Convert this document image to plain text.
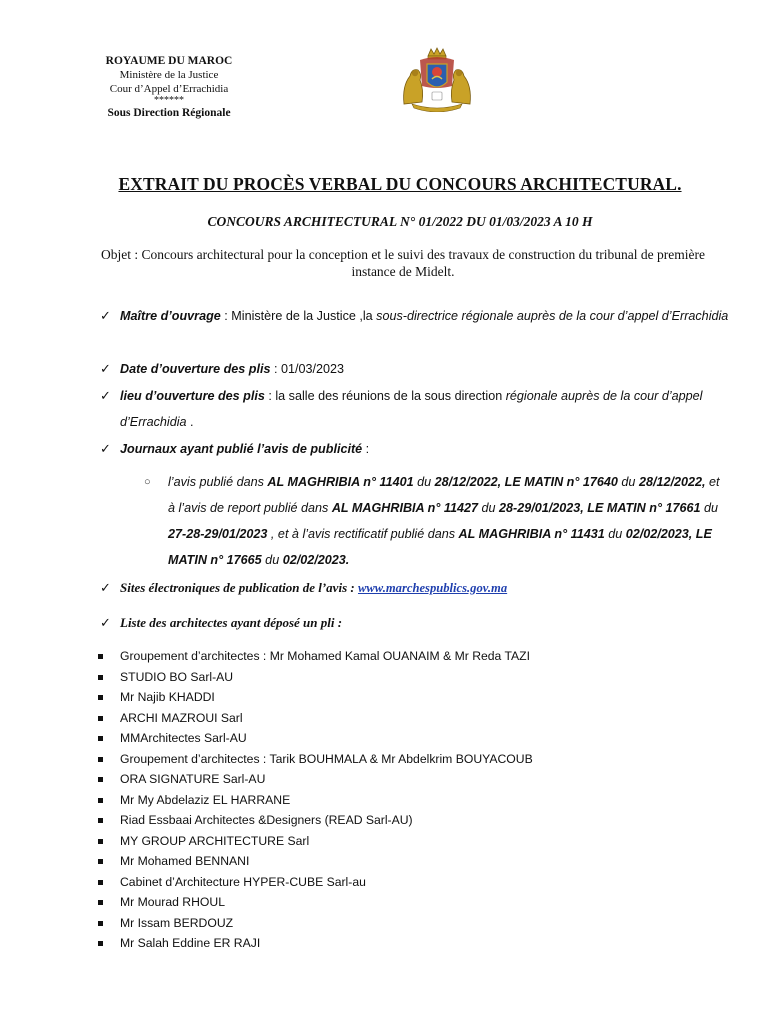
ROYAUME DU MAROC
Ministère de la Justice
Cour d’Appel d’Errachidia
******
Sous Direction Régionale
EXTRAIT DU PROCÈS VERBAL DU CONCOURS ARCHITECTURAL.
CONCOURS ARCHITECTURAL N° 01/2022 DU 01/03/2023 A 10 H
Objet : Concours architectural pour la conception et le suivi des travaux de construction du tribunal de première instance de Midelt.
✓ Maître d’ouvrage : Ministère de la Justice ,la sous-directrice régionale auprès de la cour d’appel d’Errachidia
✓ Date d’ouverture des plis : 01/03/2023
✓ lieu d’ouverture des plis : la salle des réunions de la sous direction régionale auprès de la cour d’appel d’Errachidia .
✓ Journaux ayant publié l’avis de publicité :
○ l’avis publié dans AL MAGHRIBIA n° 11401 du 28/12/2022, LE MATIN n° 17640 du 28/12/2022, et à l’avis de report publié dans AL MAGHRIBIA n° 11427 du 28-29/01/2023, LE MATIN n° 17661 du 27-28-29/01/2023 , et à l’avis rectificatif publié dans AL MAGHRIBIA n° 11431 du 02/02/2023, LE MATIN n° 17665 du 02/02/2023.
✓ Sites électroniques de publication de l’avis : www.marchespublics.gov.ma
✓ Liste des architectes ayant déposé un pli :
Groupement d’architectes : Mr Mohamed Kamal OUANAIM & Mr Reda TAZI
STUDIO BO Sarl-AU
Mr Najib KHADDI
ARCHI MAZROUI Sarl
MMArchitectes Sarl-AU
Groupement d’architectes : Tarik BOUHMALA & Mr Abdelkrim BOUYACOUB
ORA SIGNATURE Sarl-AU
Mr My Abdelaziz EL HARRANE
Riad Essbaai Architectes &Designers (READ Sarl-AU)
MY GROUP ARCHITECTURE Sarl
Mr Mohamed BENNANI
Cabinet d’Architecture HYPER-CUBE Sarl-au
Mr Mourad RHOUL
Mr Issam BERDOUZ
Mr Salah Eddine ER RAJI
